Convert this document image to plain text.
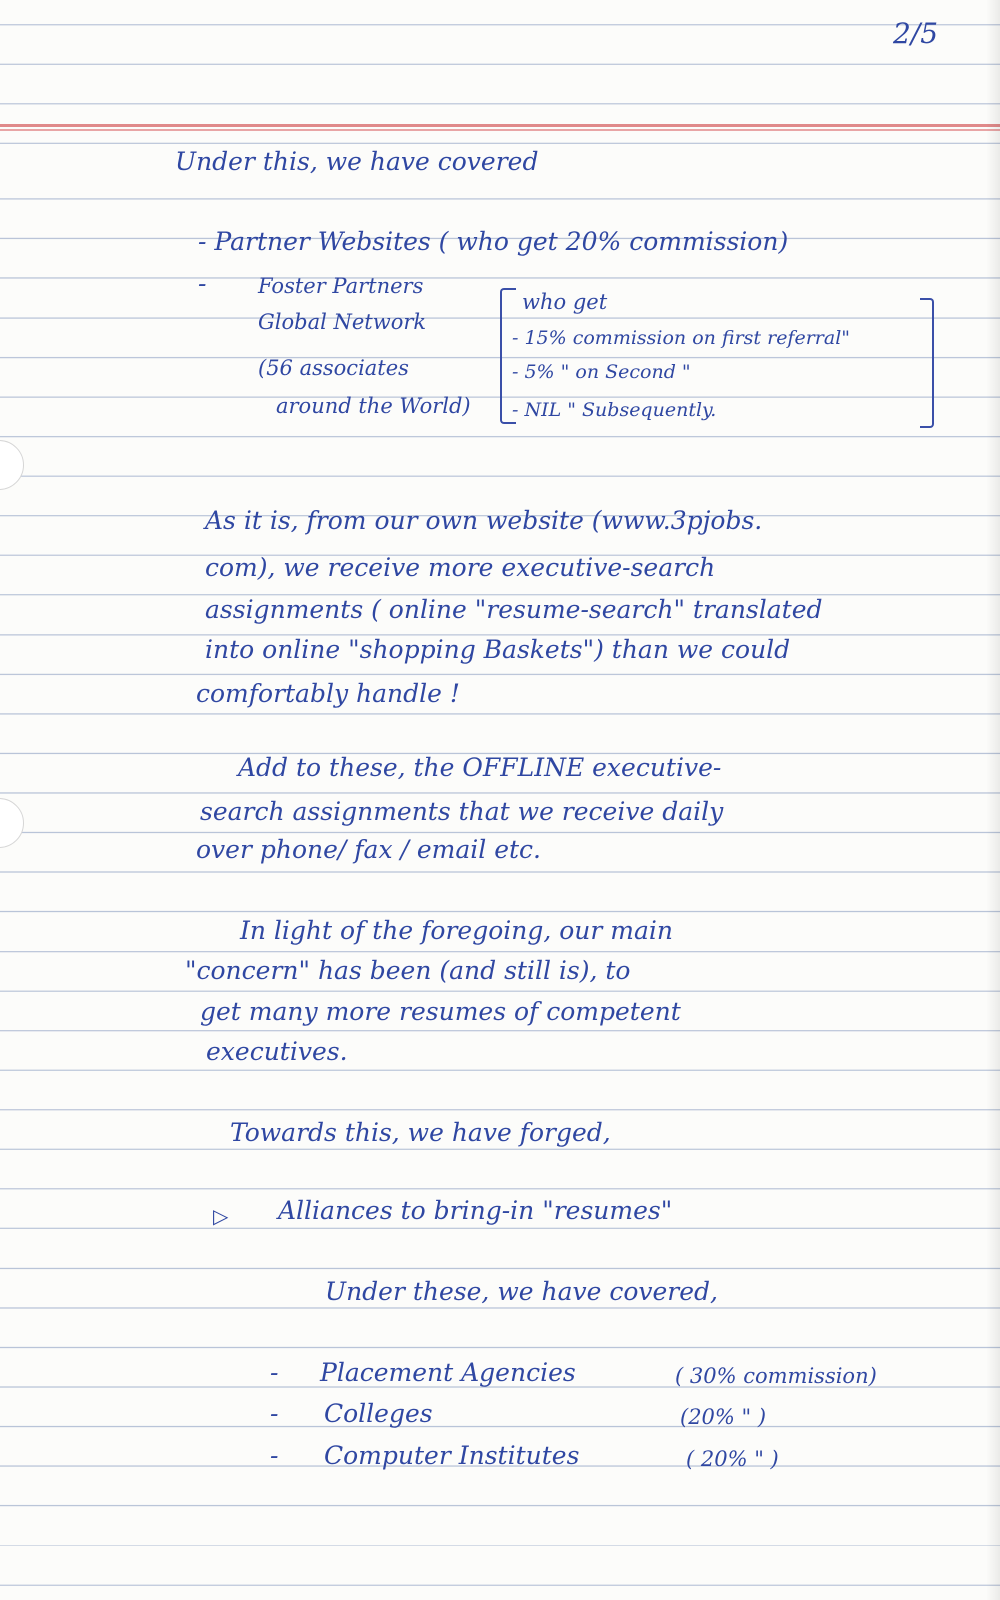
2/5
Under this, we have covered
- Partner Websites ( who get 20% commission)
- Foster Partners
Global Network
(56 associates
around the World)
who get
- 15% commission on first referral"
- 5% " on Second "
- NIL " Subsequently.
As it is, from our own website (www.3pjobs.
com), we receive more executive-search
assignments ( online "resume-search" translated
into online "shopping Baskets") than we could
comfortably handle !
Add to these, the OFFLINE executive-
search assignments that we receive daily
over phone/ fax / email etc.
In light of the foregoing, our main
"concern" has been (and still is), to
get many more resumes of competent
executives.
Towards this, we have forged,
▷ Alliances to bring-in "resumes"
Under these, we have covered,
- Placement Agencies	( 30% commission)
- Colleges	(20% " )
- Computer Institutes	( 20% " )
